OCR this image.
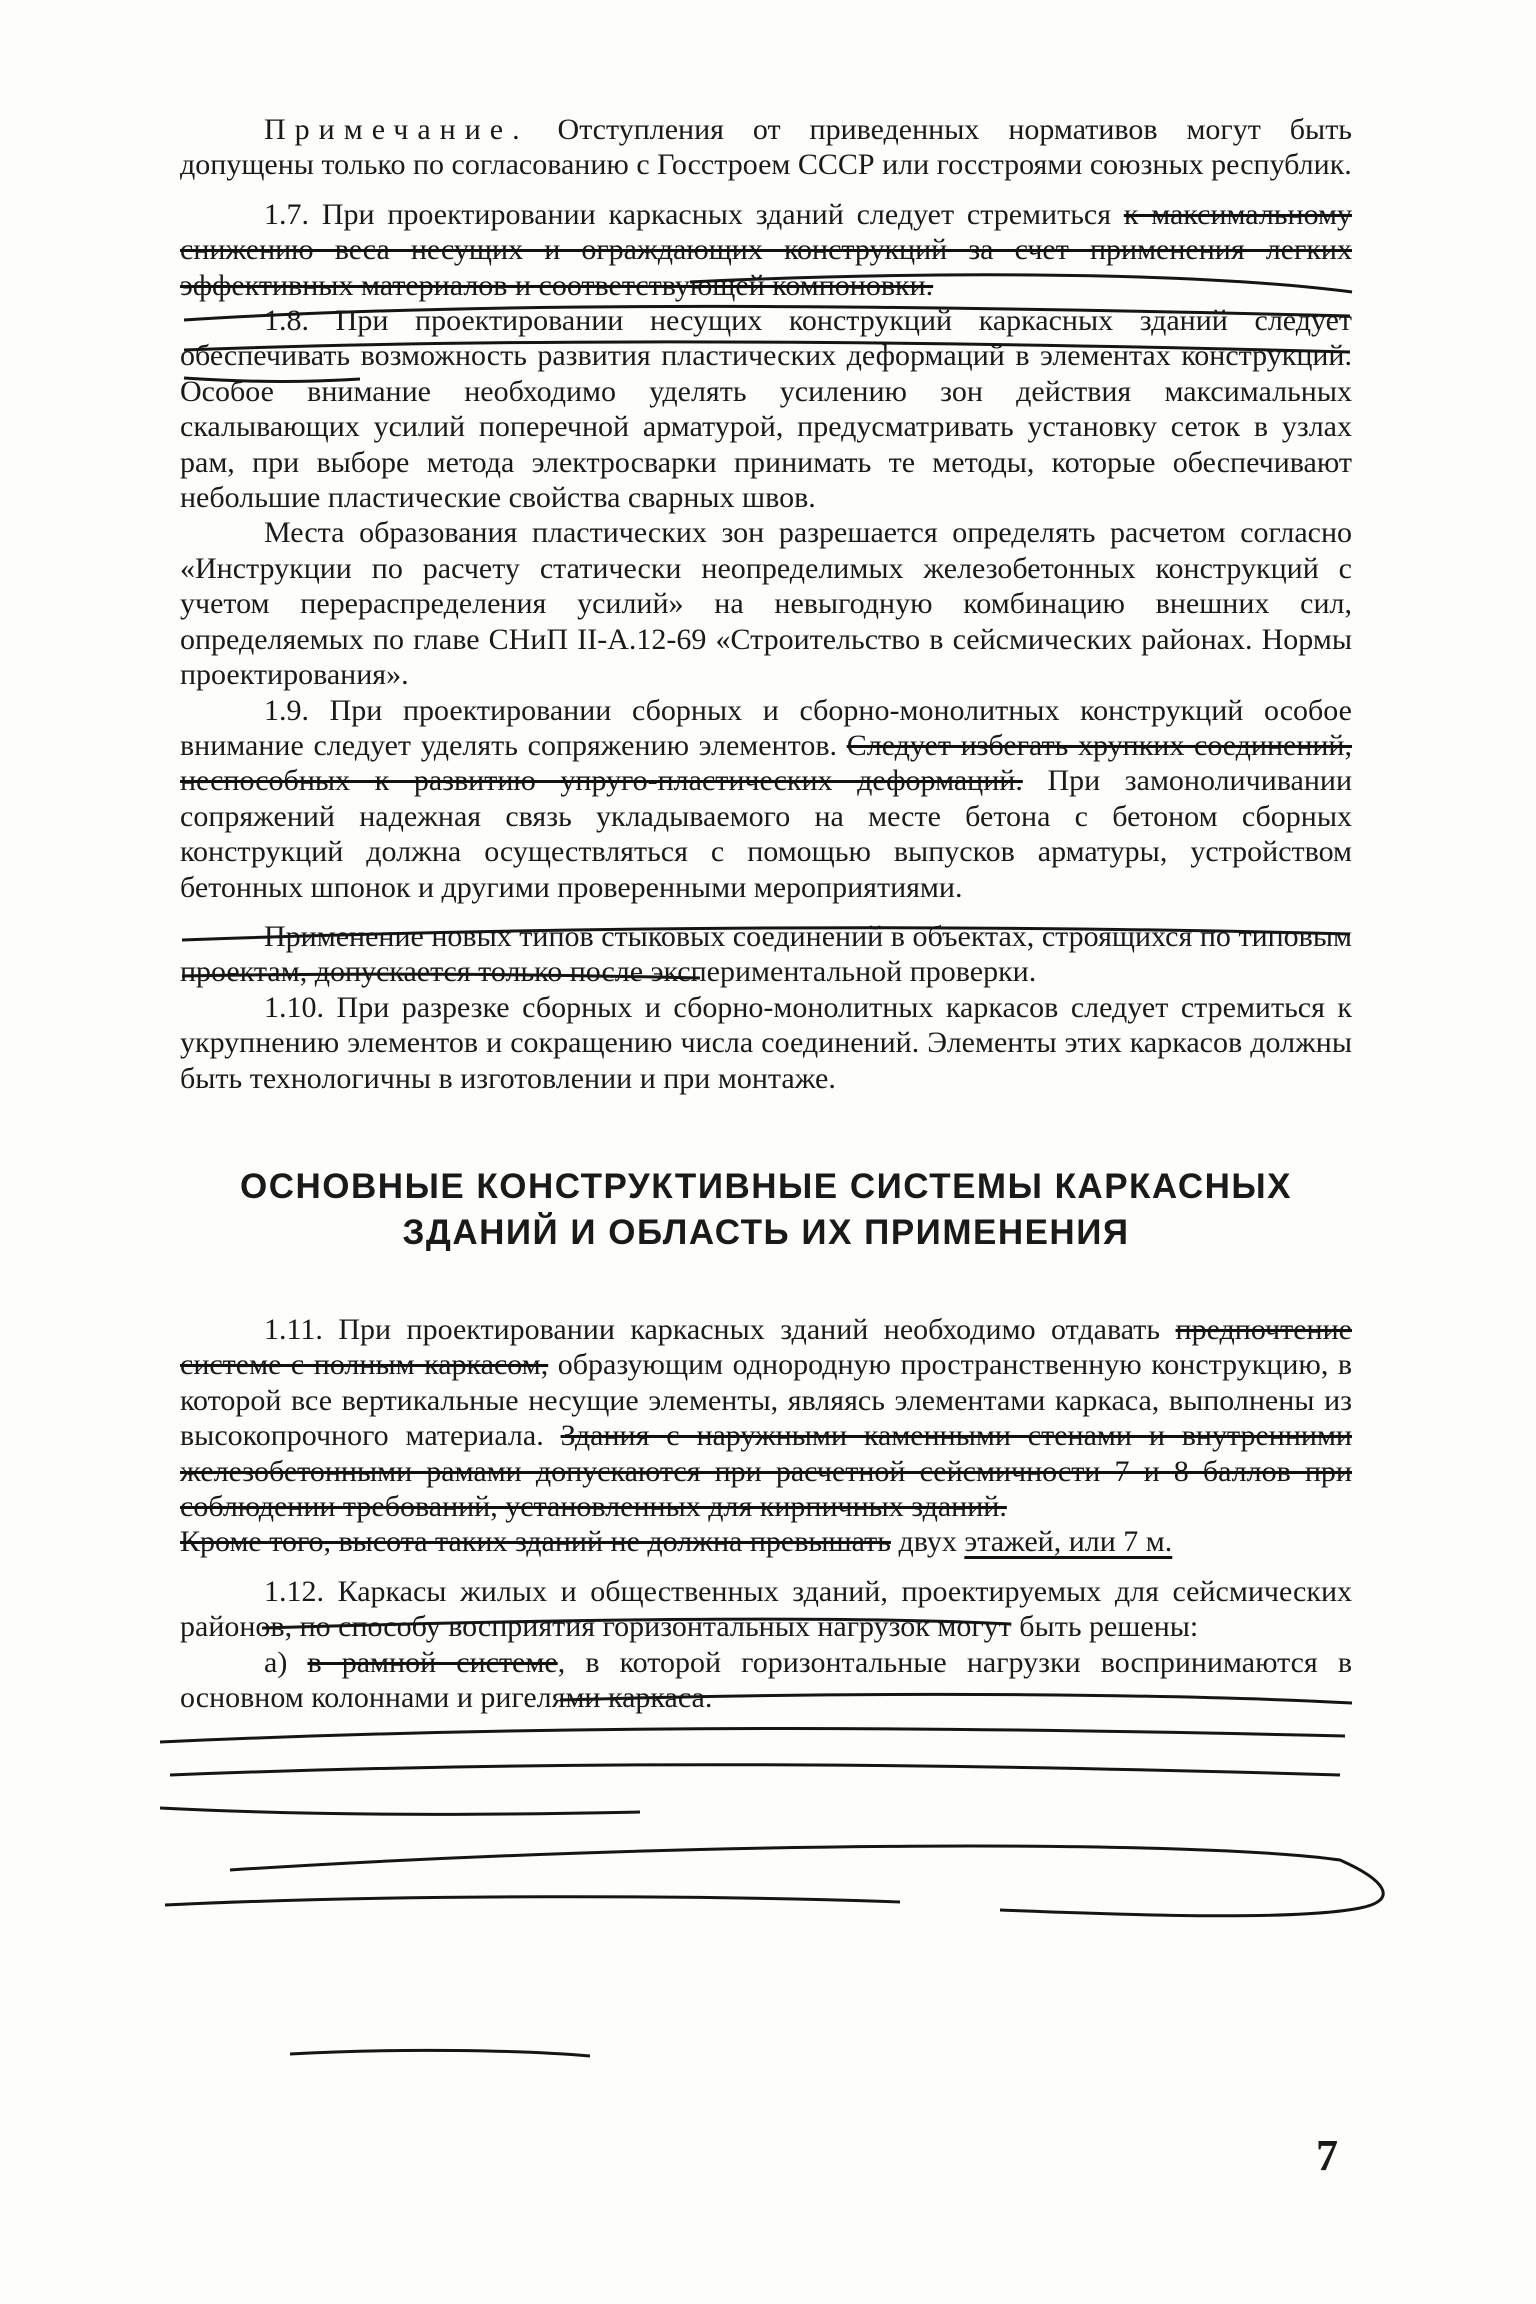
Примечание. Отступления от приведенных нормативов могут быть допущены только по согласованию с Госстроем СССР или госстроями союзных республик.

1.7. При проектировании каркасных зданий следует стремиться к максимальному снижению веса несущих и ограждающих конструкций за счет применения легких эффективных материалов и соответствующей компоновки.

1.8. При проектировании несущих конструкций каркасных зданий следует обеспечивать возможность развития пластических деформаций в элементах конструкций. Особое внимание необходимо уделять усилению зон действия максимальных скалывающих усилий поперечной арматурой, предусматривать установку сеток в узлах рам, при выборе метода электросварки принимать те методы, которые обеспечивают небольшие пластические свойства сварных швов.

Места образования пластических зон разрешается определять расчетом согласно «Инструкции по расчету статически неопределимых железобетонных конструкций с учетом перераспределения усилий» на невыгодную комбинацию внешних сил, определяемых по главе СНиП II-А.12-69 «Строительство в сейсмических районах. Нормы проектирования».

1.9. При проектировании сборных и сборно-монолитных конструкций особое внимание следует уделять сопряжению элементов. Следует избегать хрупких соединений, неспособных к развитию упруго-пластических деформаций. При замоноличивании сопряжений надежная связь укладываемого на месте бетона с бетоном сборных конструкций должна осуществляться с помощью выпусков арматуры, устройством бетонных шпонок и другими проверенными мероприятиями.

Применение новых типов стыковых соединений в объектах, строящихся по типовым проектам, допускается только после экспериментальной проверки.

1.10. При разрезке сборных и сборно-монолитных каркасов следует стремиться к укрупнению элементов и сокращению числа соединений. Элементы этих каркасов должны быть технологичны в изготовлении и при монтаже.

ОСНОВНЫЕ КОНСТРУКТИВНЫЕ СИСТЕМЫ КАРКАСНЫХ
ЗДАНИЙ И ОБЛАСТЬ ИХ ПРИМЕНЕНИЯ

1.11. При проектировании каркасных зданий необходимо отдавать предпочтение системе с полным каркасом, образующим однородную пространственную конструкцию, в которой все вертикальные несущие элементы, являясь элементами каркаса, выполнены из высокопрочного материала. Здания с наружными каменными стенами и внутренними железобетонными рамами допускаются при расчетной сейсмичности 7 и 8 баллов при соблюдении требований, установленных для кирпичных зданий.
Кроме того, высота таких зданий не должна превышать двух этажей, или 7 м.

1.12. Каркасы жилых и общественных зданий, проектируемых для сейсмических районов, по способу восприятия горизонтальных нагрузок могут быть решены:

а) в рамной системе, в которой горизонтальные нагрузки воспринимаются в основном колоннами и ригелями каркаса.

7
